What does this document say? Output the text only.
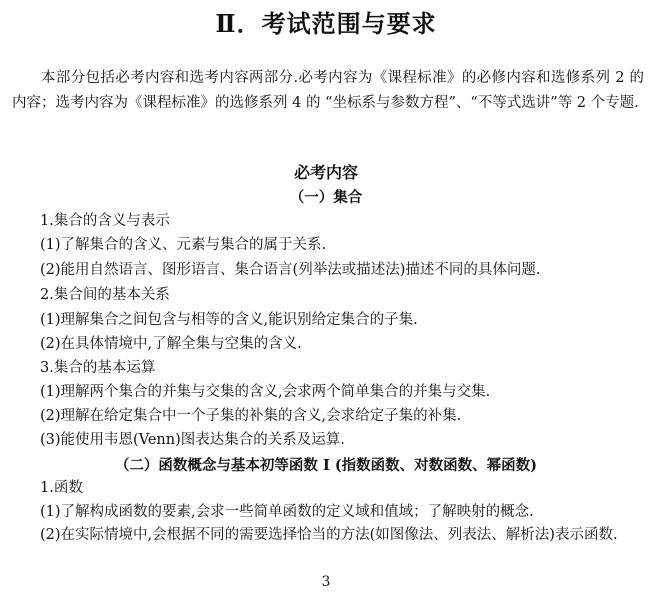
Ⅱ．考试范围与要求
本部分包括必考内容和选考内容两部分.必考内容为《课程标准》的必修内容和选修系列 2 的内容；选考内容为《课程标准》的选修系列 4 的 “坐标系与参数方程”、“不等式选讲”等 2 个专题.
必考内容
（一）集合
1.集合的含义与表示
(1)了解集合的含义、元素与集合的属于关系.
(2)能用自然语言、图形语言、集合语言(列举法或描述法)描述不同的具体问题.
2.集合间的基本关系
(1)理解集合之间包含与相等的含义,能识别给定集合的子集.
(2)在具体情境中,了解全集与空集的含义.
3.集合的基本运算
(1)理解两个集合的并集与交集的含义,会求两个简单集合的并集与交集.
(2)理解在给定集合中一个子集的补集的含义,会求给定子集的补集.
(3)能使用韦恩(Venn)图表达集合的关系及运算.
（二）函数概念与基本初等函数 I (指数函数、对数函数、幂函数)
1.函数
(1)了解构成函数的要素,会求一些简单函数的定义域和值域；了解映射的概念.
(2)在实际情境中,会根据不同的需要选择恰当的方法(如图像法、列表法、解析法)表示函数.
3
